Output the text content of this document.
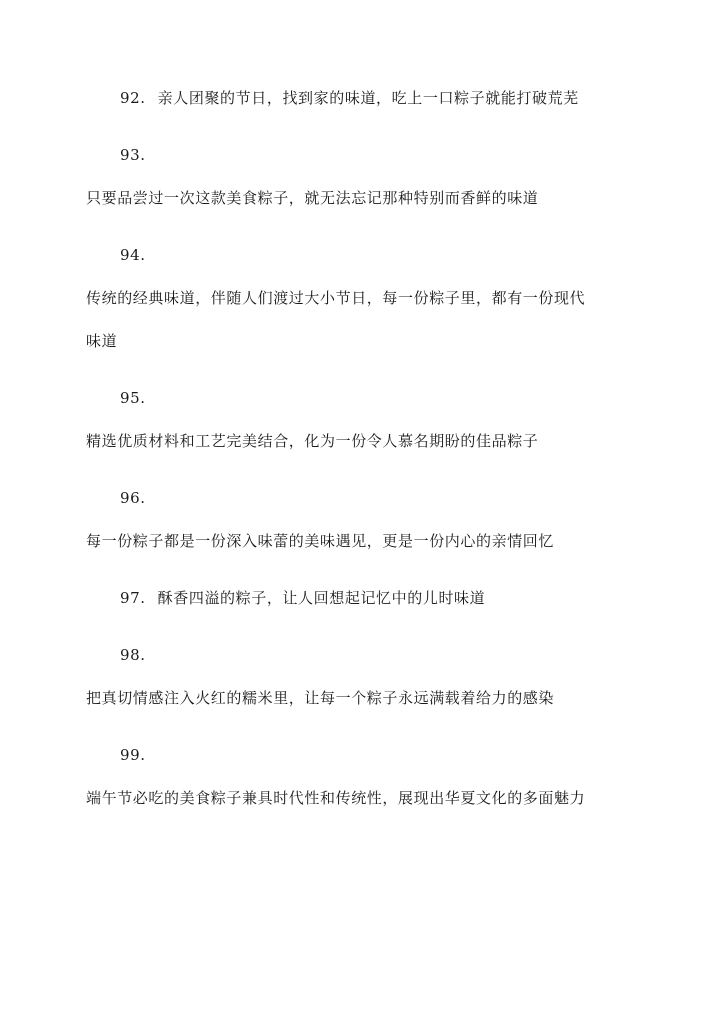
92. 亲人团聚的节日，找到家的味道，吃上一口粽子就能打破荒芜
93.
只要品尝过一次这款美食粽子，就无法忘记那种特别而香鲜的味道
94.
传统的经典味道，伴随人们渡过大小节日，每一份粽子里，都有一份现代
味道
95.
精选优质材料和工艺完美结合，化为一份令人慕名期盼的佳品粽子
96.
每一份粽子都是一份深入味蕾的美味遇见，更是一份内心的亲情回忆
97. 酥香四溢的粽子，让人回想起记忆中的儿时味道
98.
把真切情感注入火红的糯米里，让每一个粽子永远满载着给力的感染
99.
端午节必吃的美食粽子兼具时代性和传统性，展现出华夏文化的多面魅力
